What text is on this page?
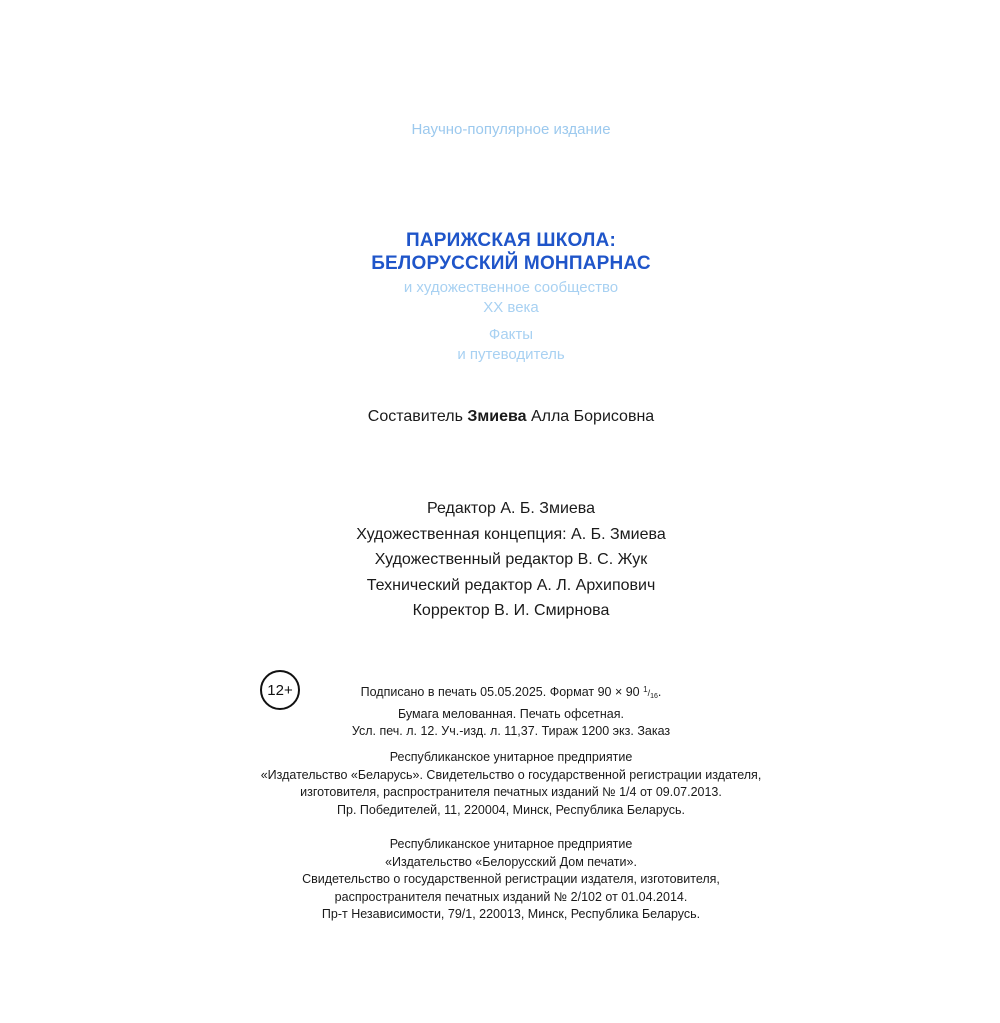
Научно-популярное издание
ПАРИЖСКАЯ ШКОЛА:
БЕЛОРУССКИЙ МОНПАРНАС
и художественное сообщество
XX века
Факты
и путеводитель
Составитель Змиева Алла Борисовна
Редактор А. Б. Змиева
Художественная концепция: А. Б. Змиева
Художественный редактор В. С. Жук
Технический редактор А. Л. Архипович
Корректор В. И. Смирнова
12+	Подписано в печать 05.05.2025. Формат 90 × 90 $^1/_{16}$.
Бумага мелованная. Печать офсетная.
Усл. печ. л. 12. Уч.-изд. л. 11,37. Тираж 1200 экз. Заказ
Республиканское унитарное предприятие
«Издательство «Беларусь». Свидетельство о государственной регистрации издателя,
изготовителя, распространителя печатных изданий № 1/4 от 09.07.2013.
Пр. Победителей, 11, 220004, Минск, Республика Беларусь.
Республиканское унитарное предприятие
«Издательство «Белорусский Дом печати».
Свидетельство о государственной регистрации издателя, изготовителя,
распространителя печатных изданий № 2/102 от 01.04.2014.
Пр-т Независимости, 79/1, 220013, Минск, Республика Беларусь.
